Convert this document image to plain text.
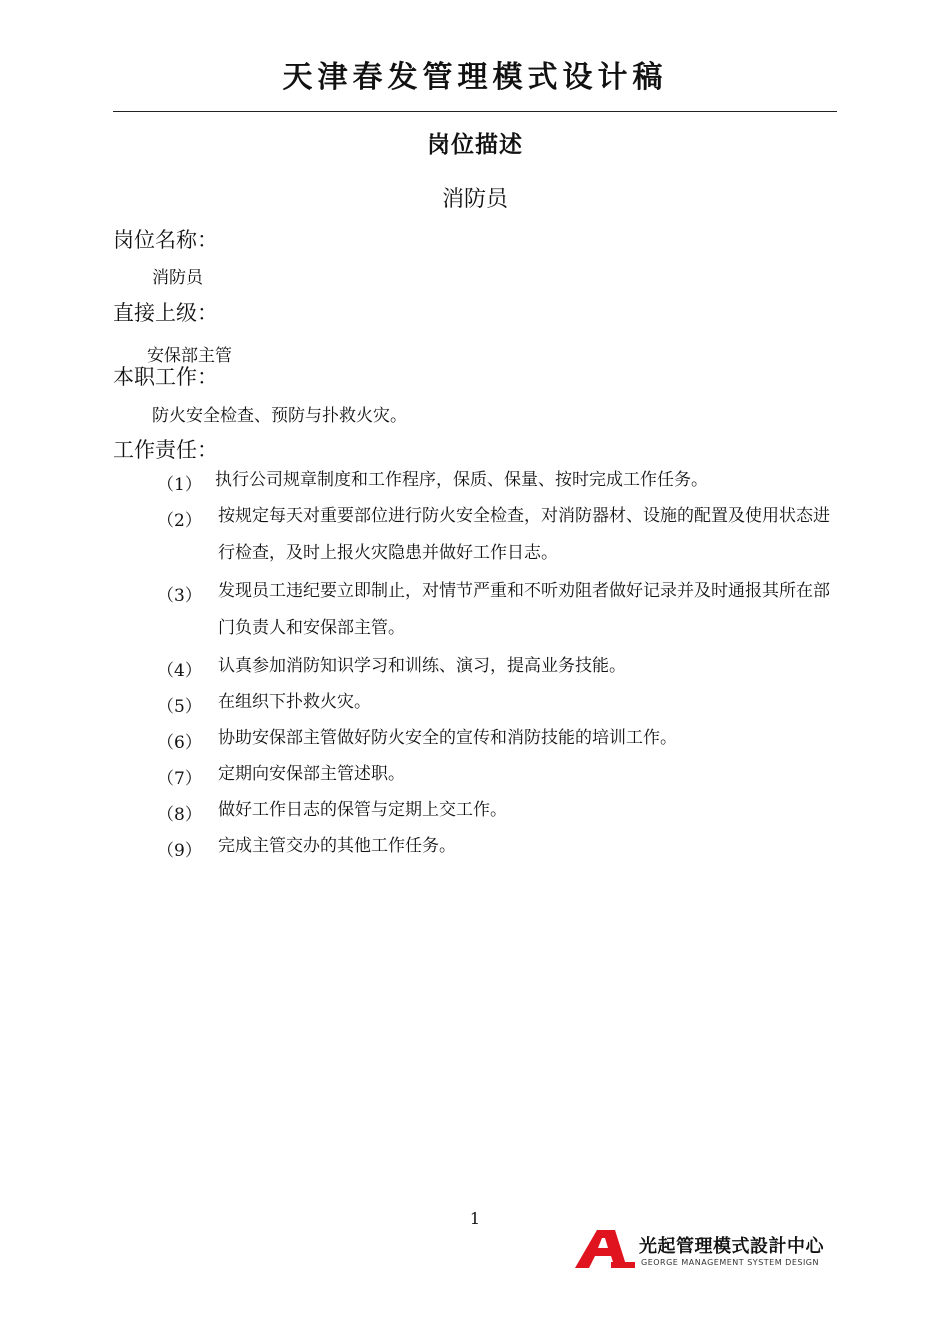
天津春发管理模式设计稿
岗位描述
消防员
岗位名称：
消防员
直接上级：
安保部主管
本职工作：
防火安全检查、预防与扑救火灾。
工作责任：
（1） 执行公司规章制度和工作程序，保质、保量、按时完成工作任务。
（2） 按规定每天对重要部位进行防火安全检查，对消防器材、设施的配置及使用状态进行检查，及时上报火灾隐患并做好工作日志。
（3） 发现员工违纪要立即制止，对情节严重和不听劝阻者做好记录并及时通报其所在部门负责人和安保部主管。
（4） 认真参加消防知识学习和训练、演习，提高业务技能。
（5） 在组织下扑救火灾。
（6） 协助安保部主管做好防火安全的宣传和消防技能的培训工作。
（7） 定期向安保部主管述职。
（8） 做好工作日志的保管与定期上交工作。
（9） 完成主管交办的其他工作任务。
1
光起管理模式設計中心
GEORGE MANAGEMENT SYSTEM DESIGN
